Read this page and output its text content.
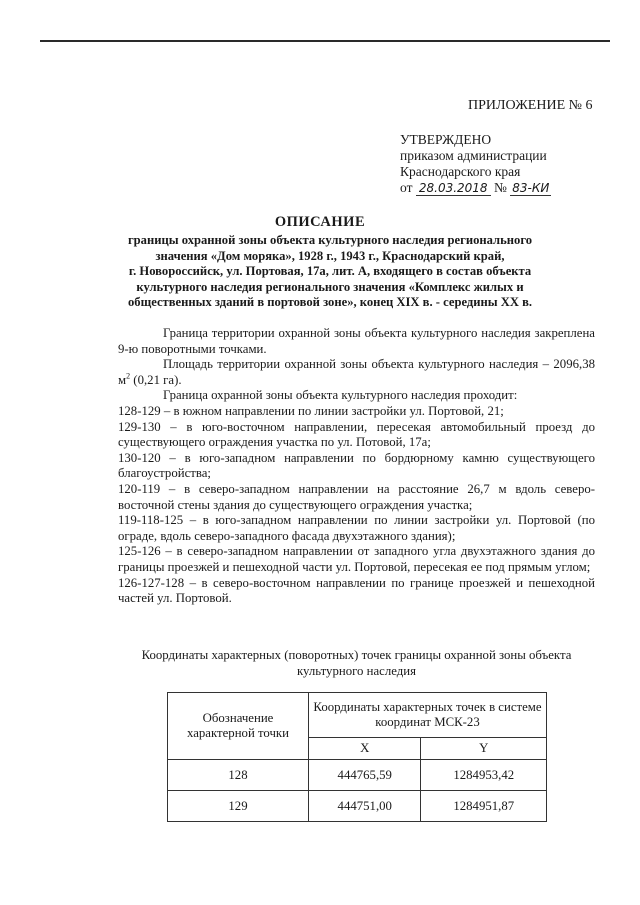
ПРИЛОЖЕНИЕ № 6
УТВЕРЖДЕНО
приказом администрации
Краснодарского края
от 28.03.2018 № 83-КИ
ОПИСАНИЕ
границы охранной зоны объекта культурного наследия регионального
значения «Дом моряка», 1928 г., 1943 г., Краснодарский край,
г. Новороссийск, ул. Портовая, 17а, лит. А, входящего в состав объекта
культурного наследия регионального значения «Комплекс жилых и
общественных зданий в портовой зоне», конец XIX в. - середины XX в.

Граница территории охранной зоны объекта культурного наследия закреплена 9-ю поворотными точками.

Площадь территории охранной зоны объекта культурного наследия – 2096,38 $м^2$ (0,21 га).

Граница охранной зоны объекта культурного наследия проходит:

128-129 – в южном направлении по линии застройки ул. Портовой, 21;

129-130 – в юго-восточном направлении, пересекая автомобильный проезд до существующего ограждения участка по ул. Потовой, 17а;

130-120 – в юго-западном направлении по бордюрному камню существующего благоустройства;

120-119 – в северо-западном направлении на расстояние 26,7 м вдоль северо-восточной стены здания до существующего ограждения участка;

119-118-125 – в юго-западном направлении по линии застройки ул. Портовой (по ограде, вдоль северо-западного фасада двухэтажного здания);

125-126 – в северо-западном направлении от западного угла двухэтажного здания до границы проезжей и пешеходной части ул. Портовой, пересекая ее под прямым углом;

126-127-128 – в северо-восточном направлении по границе проезжей и пешеходной частей ул. Портовой.

Координаты характерных (поворотных) точек границы охранной зоны объекта культурного наследия
Обозначение характерной точки	Координаты характерных точек в системе координат МСК-23	
	X	Y
128	444765,59	1284953,42
129	444751,00	1284951,87
